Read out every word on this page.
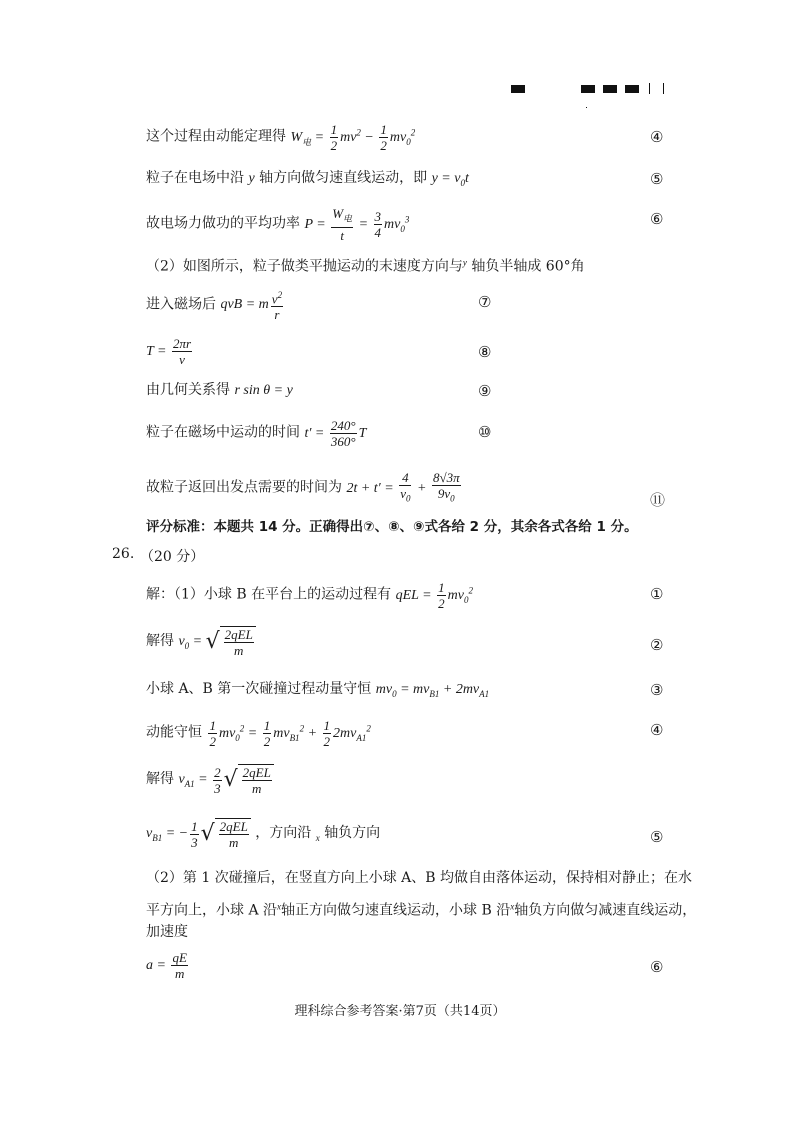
这个过程由动能定理得 $W_电 = \frac{1}{2} mv^2 - \frac{1}{2} mv_0^2$	④
粒子在电场中沿 y 轴方向做匀速直线运动，即 $y = v_0t$	⑤
故电场力做功的平均功率 $P = \frac{W_电}{t} = \frac{3}{4} mv_0^3$	⑥
（2）如图所示，粒子做类平抛运动的末速度方向与$^y$ 轴负半轴成 60°角
进入磁场后 qvB = m $\frac{v^2}{r}$	⑦
$T = \frac{2\pi r}{v}$	⑧
由几何关系得 r sin θ = y	⑨
粒子在磁场中运动的时间 $t' = \frac{240^\circ}{360^\circ}$ T	⑩
故粒子返回出发点需要的时间为 $2t + t' = \frac{4}{v_0} + \frac{8√3\pi}{9v_0}$	⑪
评分标准：本题共 14 分。正确得出⑦、⑧、⑨式各给 2 分，其余各式各给 1 分。
26. （20 分）
解：（1）小球 B 在平台上的运动过程有 qEL = $\frac{1}{2} mv_0^2$	①
解得 $v_0$ = √ $\frac{\text{2qEL}}{m}$	②
小球 A、B 第一次碰撞过程动量守恒 $mv_0 = mv_{B1} + 2mv_{A1}$	③
动能守恒 $\frac{1}{2} mv_0^2 = \frac{1}{2} mv_{B1}^2 + \frac{1}{2} 2mv_{A1}^2$	④
解得 $v_{A1} = \frac{2}{3}$ √ $\frac{\text{2qEL}}{m}$
$v_{B1}$ = − $\frac{1}{3}$ √ $\frac{\text{2qEL}}{m}$ ，方向沿 $_x$ 轴负方向	⑤
（2）第 1 次碰撞后，在竖直方向上小球 A、B 均做自由落体运动，保持相对静止；在水
平方向上，小球 A 沿$^x$轴正方向做匀速直线运动，小球 B 沿$^x$轴负方向做匀减速直线运动，
加速度
$a = \frac{qE}{m}$	⑥
理科综合参考答案·第7页（共14页）
